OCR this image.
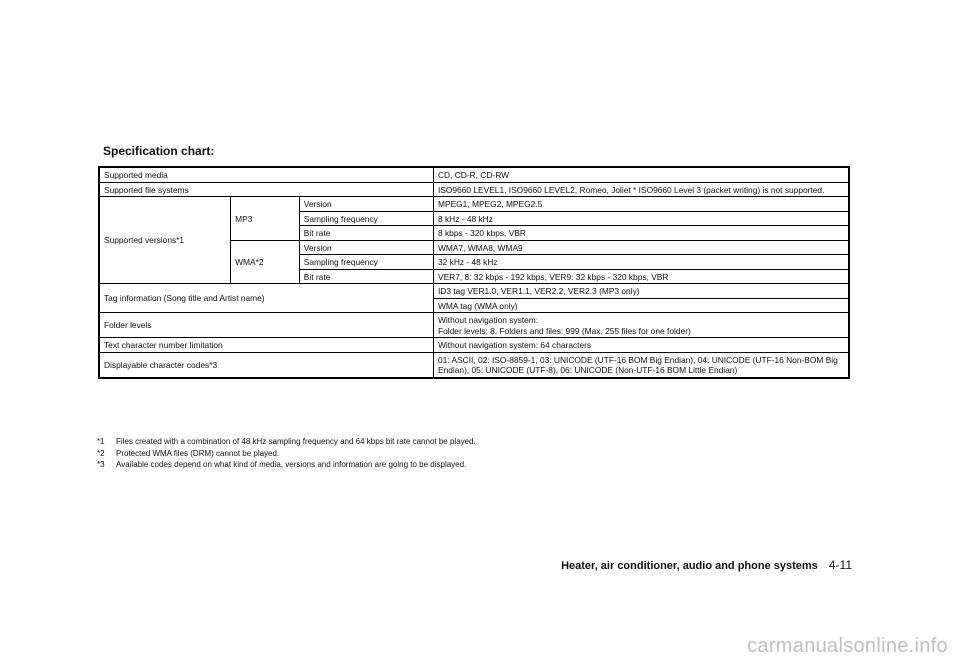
Specification chart:
Supported media			CD, CD-R, CD-RW
Supported file systems			ISO9660 LEVEL1, ISO9660 LEVEL2, Romeo, Joliet * ISO9660 Level 3 (packet writing) is not supported.
Supported versions*1	MP3	Version	MPEG1, MPEG2, MPEG2.5
		Sampling frequency	8 kHz - 48 kHz
		Bit rate	8 kbps - 320 kbps, VBR
	WMA*2	Version	WMA7, WMA8, WMA9
		Sampling frequency	32 kHz - 48 kHz
		Bit rate	VER7, 8: 32 kbps - 192 kbps, VER9: 32 kbps - 320 kbps, VBR
Tag information (Song title and Artist name)			ID3 tag VER1.0, VER1.1, VER2.2, VER2.3 (MP3 only)
			WMA tag (WMA only)
Folder levels			Without navigation system:
Folder levels: 8, Folders and files: 999 (Max. 255 files for one folder)

Text character number limitation			Without navigation system: 64 characters
Displayable character codes*3			01: ASCII, 02: ISO-8859-1, 03: UNICODE (UTF-16 BOM Big Endian), 04: UNICODE (UTF-16 Non-BOM Big Endian), 05: UNICODE (UTF-8), 06: UNICODE (Non-UTF-16 BOM Little Endian)
*1	Files created with a combination of 48 kHz sampling frequency and 64 kbps bit rate cannot be played.
*2	Protected WMA files (DRM) cannot be played.
*3	Available codes depend on what kind of media, versions and information are going to be displayed.
Heater, air conditioner, audio and phone systems 4-11
carmanualsonline.info
